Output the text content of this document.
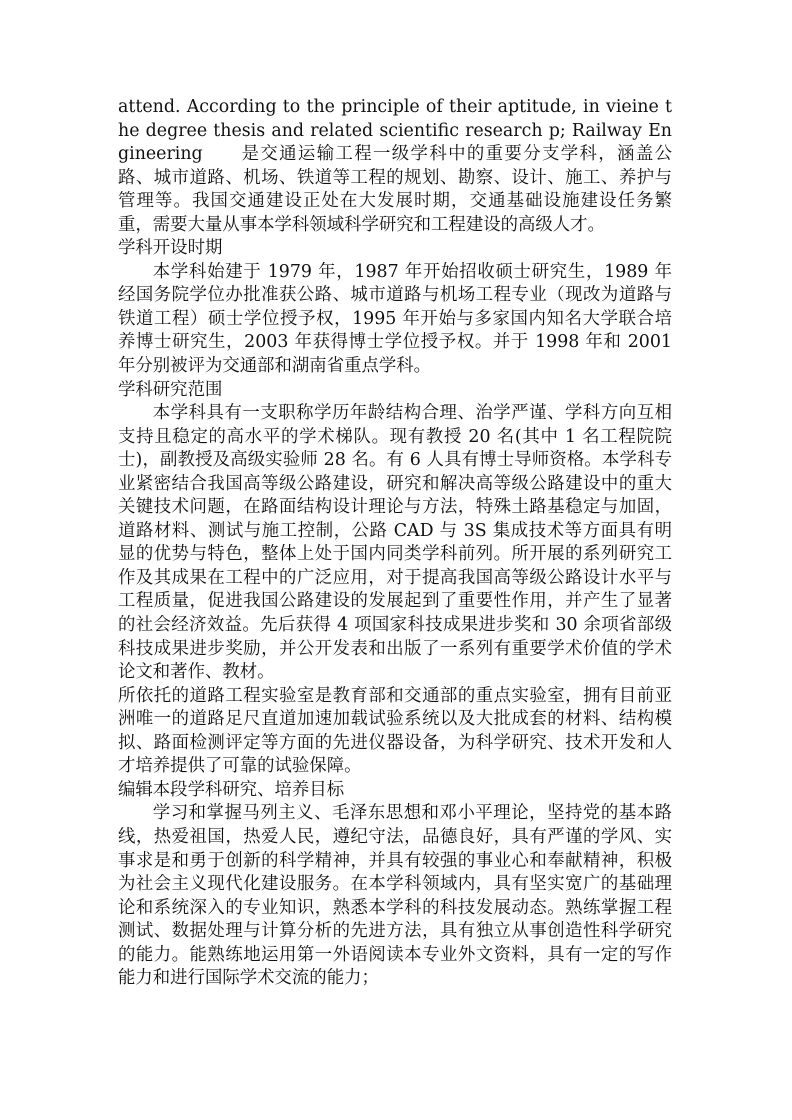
attend. According to the principle of their aptitude, in vieine the degree thesis and related scientific research p; Railway Engineering　　是交通运输工程一级学科中的重要分支学科，涵盖公路、城市道路、机场、铁道等工程的规划、勘察、设计、施工、养护与管理等。我国交通建设正处在大发展时期，交通基础设施建设任务繁重，需要大量从事本学科领域科学研究和工程建设的高级人才。

学科开设时期

本学科始建于 1979 年，1987 年开始招收硕士研究生，1989 年经国务院学位办批准获公路、城市道路与机场工程专业（现改为道路与铁道工程）硕士学位授予权，1995 年开始与多家国内知名大学联合培养博士研究生，2003 年获得博士学位授予权。并于 1998 年和 2001 年分别被评为交通部和湖南省重点学科。

学科研究范围

本学科具有一支职称学历年龄结构合理、治学严谨、学科方向互相支持且稳定的高水平的学术梯队。现有教授 20 名(其中 1 名工程院院士)，副教授及高级实验师 28 名。有 6 人具有博士导师资格。本学科专业紧密结合我国高等级公路建设，研究和解决高等级公路建设中的重大关键技术问题，在路面结构设计理论与方法，特殊土路基稳定与加固，道路材料、测试与施工控制，公路 CAD 与 3S 集成技术等方面具有明显的优势与特色，整体上处于国内同类学科前列。所开展的系列研究工作及其成果在工程中的广泛应用，对于提高我国高等级公路设计水平与工程质量，促进我国公路建设的发展起到了重要性作用，并产生了显著的社会经济效益。先后获得 4 项国家科技成果进步奖和 30 余项省部级科技成果进步奖励，并公开发表和出版了一系列有重要学术价值的学术论文和著作、教材。

所依托的道路工程实验室是教育部和交通部的重点实验室，拥有目前亚洲唯一的道路足尺直道加速加载试验系统以及大批成套的材料、结构模拟、路面检测评定等方面的先进仪器设备，为科学研究、技术开发和人才培养提供了可靠的试验保障。

编辑本段学科研究、培养目标

学习和掌握马列主义、毛泽东思想和邓小平理论，坚持党的基本路线，热爱祖国，热爱人民，遵纪守法，品德良好，具有严谨的学风、实事求是和勇于创新的科学精神，并具有较强的事业心和奉献精神，积极为社会主义现代化建设服务。在本学科领域内，具有坚实宽广的基础理论和系统深入的专业知识，熟悉本学科的科技发展动态。熟练掌握工程测试、数据处理与计算分析的先进方法，具有独立从事创造性科学研究的能力。能熟练地运用第一外语阅读本专业外文资料，具有一定的写作能力和进行国际学术交流的能力；
